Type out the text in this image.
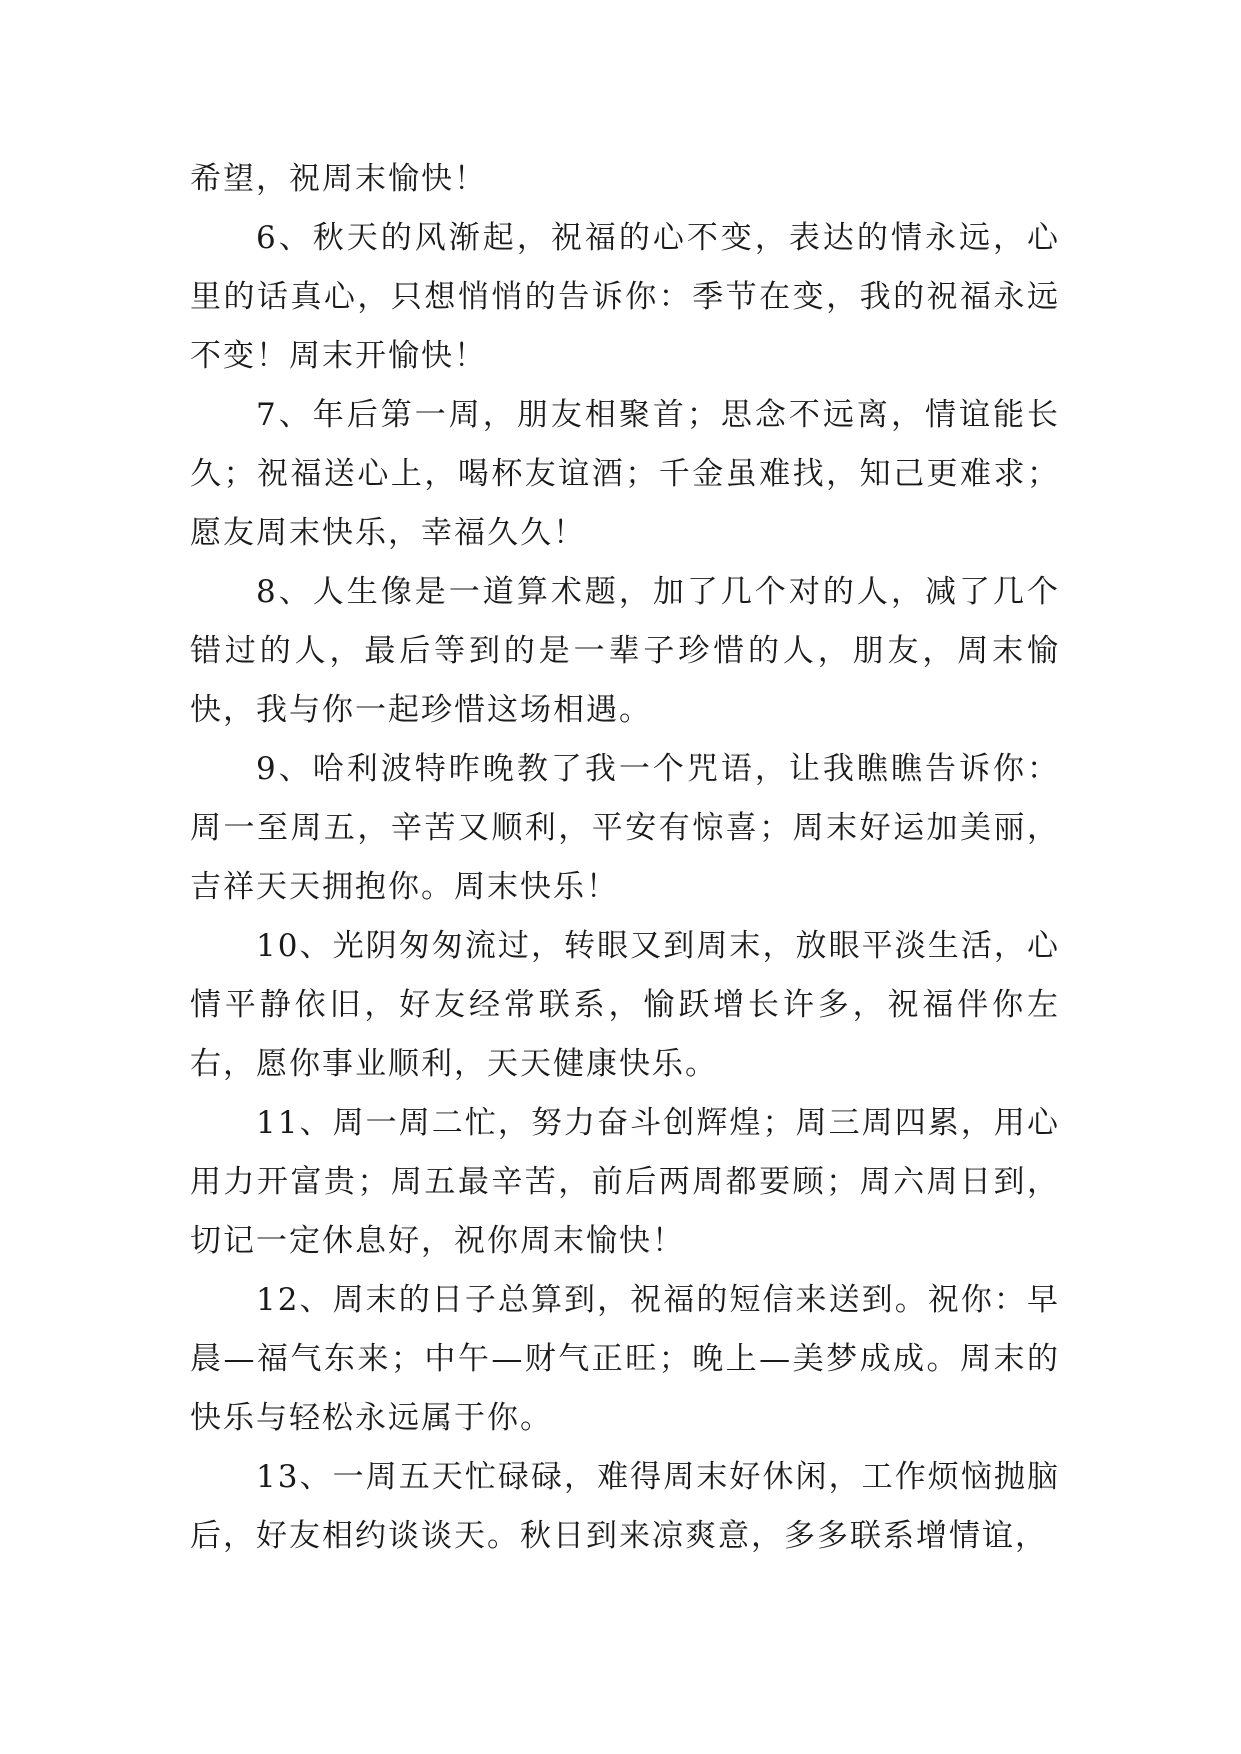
希望，祝周末愉快！

6、秋天的风渐起，祝福的心不变，表达的情永远，心里的话真心，只想悄悄的告诉你：季节在变，我的祝福永远不变！周末开愉快！

7、年后第一周，朋友相聚首；思念不远离，情谊能长久；祝福送心上，喝杯友谊酒；千金虽难找，知己更难求；愿友周末快乐，幸福久久！

8、人生像是一道算术题，加了几个对的人，减了几个错过的人，最后等到的是一辈子珍惜的人，朋友，周末愉快，我与你一起珍惜这场相遇。

9、哈利波特昨晚教了我一个咒语，让我瞧瞧告诉你：周一至周五，辛苦又顺利，平安有惊喜；周末好运加美丽，吉祥天天拥抱你。周末快乐！

10、光阴匆匆流过，转眼又到周末，放眼平淡生活，心情平静依旧，好友经常联系，愉跃增长许多，祝福伴你左右，愿你事业顺利，天天健康快乐。

11、周一周二忙，努力奋斗创辉煌；周三周四累，用心用力开富贵；周五最辛苦，前后两周都要顾；周六周日到，切记一定休息好，祝你周末愉快！

12、周末的日子总算到，祝福的短信来送到。祝你：早晨—福气东来；中午—财气正旺；晚上—美梦成成。周末的快乐与轻松永远属于你。

13、一周五天忙碌碌，难得周末好休闲，工作烦恼抛脑后，好友相约谈谈天。秋日到来凉爽意，多多联系增情谊，
